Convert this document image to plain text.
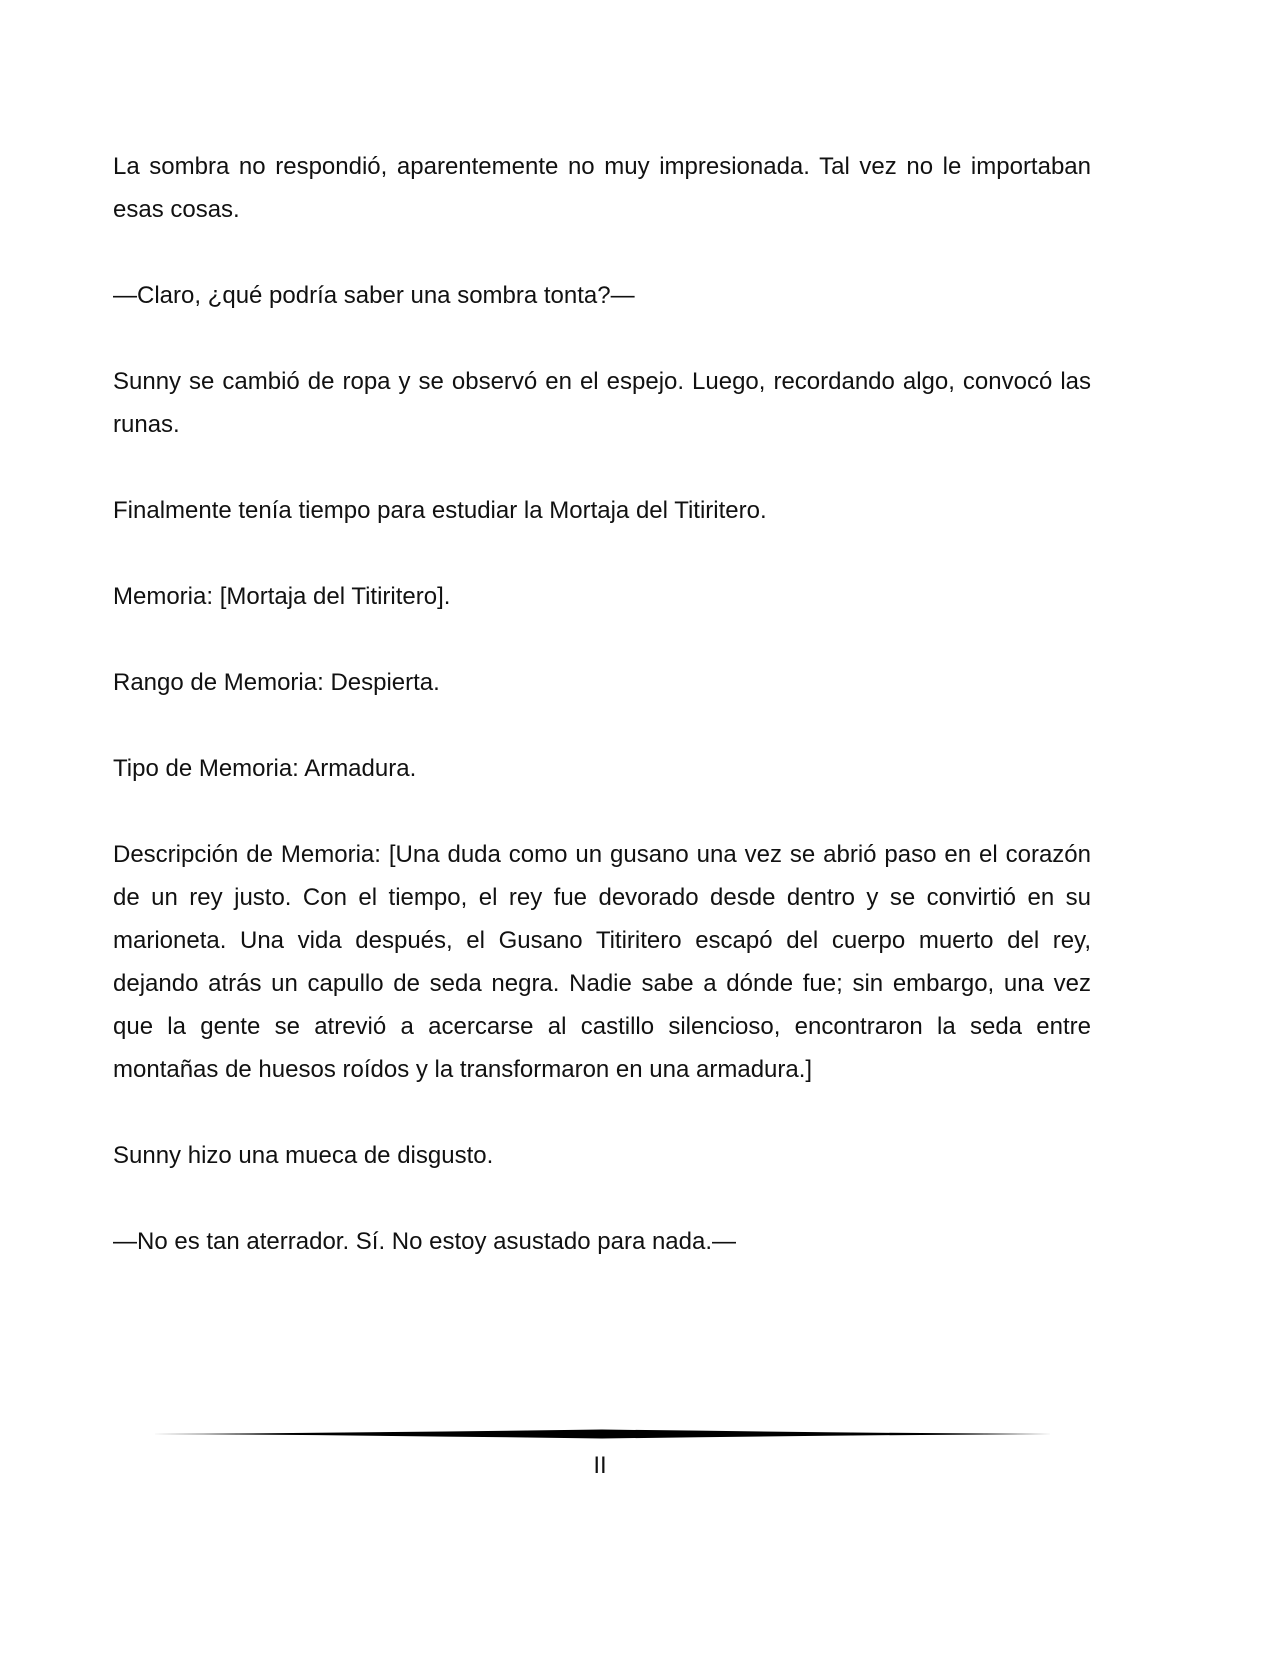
La sombra no respondió, aparentemente no muy impresionada. Tal vez no le importaban esas cosas.

—Claro, ¿qué podría saber una sombra tonta?—

Sunny se cambió de ropa y se observó en el espejo. Luego, recordando algo, convocó las runas.

Finalmente tenía tiempo para estudiar la Mortaja del Titiritero.

Memoria: [Mortaja del Titiritero].

Rango de Memoria: Despierta.

Tipo de Memoria: Armadura.

Descripción de Memoria: [Una duda como un gusano una vez se abrió paso en el corazón de un rey justo. Con el tiempo, el rey fue devorado desde dentro y se convirtió en su marioneta. Una vida después, el Gusano Titiritero escapó del cuerpo muerto del rey, dejando atrás un capullo de seda negra. Nadie sabe a dónde fue; sin embargo, una vez que la gente se atrevió a acercarse al castillo silencioso, encontraron la seda entre montañas de huesos roídos y la transformaron en una armadura.]

Sunny hizo una mueca de disgusto.

—No es tan aterrador. Sí. No estoy asustado para nada.—

II
